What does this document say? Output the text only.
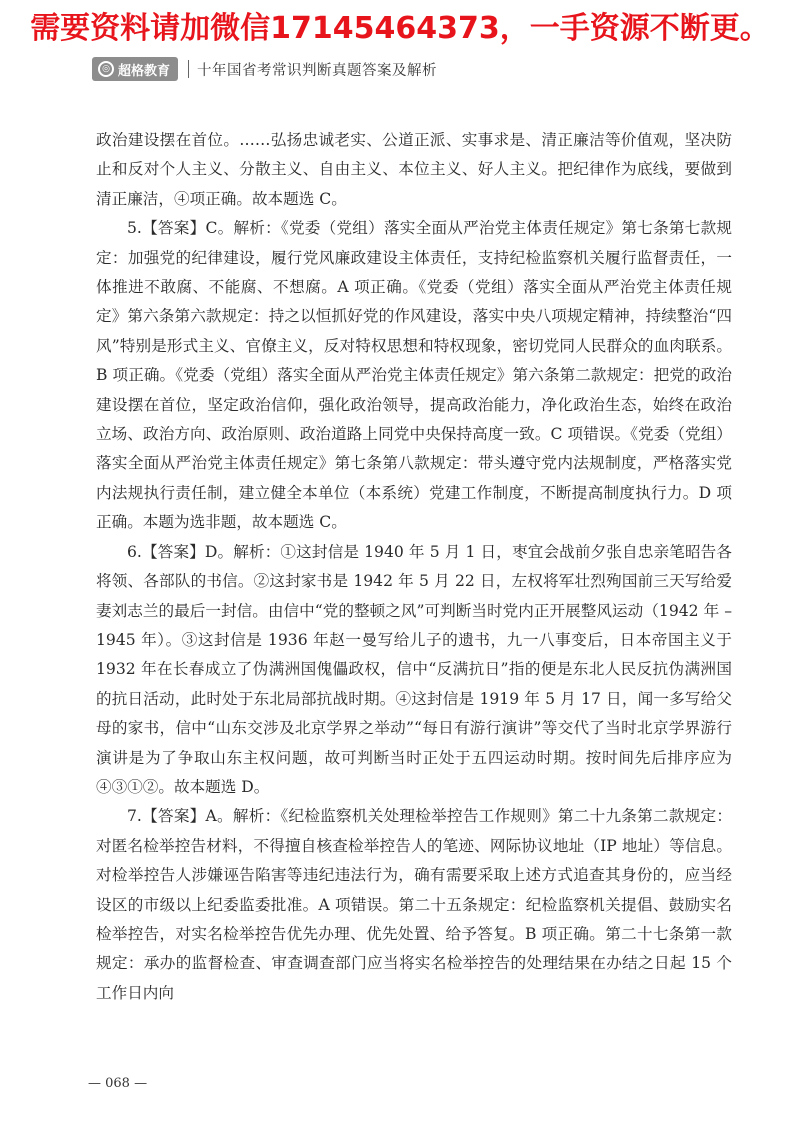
需要资料请加微信17145464373，一手资源不断更。
◎ 超格教育 十年国省考常识判断真题答案及解析

政治建设摆在首位。……弘扬忠诚老实、公道正派、实事求是、清正廉洁等价值观，坚决防止和反对个人主义、分散主义、自由主义、本位主义、好人主义。把纪律作为底线，要做到清正廉洁，④项正确。故本题选 C。

5.【答案】C。解析：《党委（党组）落实全面从严治党主体责任规定》第七条第七款规定：加强党的纪律建设，履行党风廉政建设主体责任，支持纪检监察机关履行监督责任，一体推进不敢腐、不能腐、不想腐。A 项正确。《党委（党组）落实全面从严治党主体责任规定》第六条第六款规定：持之以恒抓好党的作风建设，落实中央八项规定精神，持续整治“四风”特别是形式主义、官僚主义，反对特权思想和特权现象，密切党同人民群众的血肉联系。B 项正确。《党委（党组）落实全面从严治党主体责任规定》第六条第二款规定：把党的政治建设摆在首位，坚定政治信仰，强化政治领导，提高政治能力，净化政治生态，始终在政治立场、政治方向、政治原则、政治道路上同党中央保持高度一致。C 项错误。《党委（党组）落实全面从严治党主体责任规定》第七条第八款规定：带头遵守党内法规制度，严格落实党内法规执行责任制，建立健全本单位（本系统）党建工作制度，不断提高制度执行力。D 项正确。本题为选非题，故本题选 C。

6.【答案】D。解析：①这封信是 1940 年 5 月 1 日，枣宜会战前夕张自忠亲笔昭告各将领、各部队的书信。②这封家书是 1942 年 5 月 22 日，左权将军壮烈殉国前三天写给爱妻刘志兰的最后一封信。由信中“党的整顿之风”可判断当时党内正开展整风运动（1942 年 –1945 年）。③这封信是 1936 年赵一曼写给儿子的遗书，九一八事变后，日本帝国主义于 1932 年在长春成立了伪满洲国傀儡政权，信中“反满抗日”指的便是东北人民反抗伪满洲国的抗日活动，此时处于东北局部抗战时期。④这封信是 1919 年 5 月 17 日，闻一多写给父母的家书，信中“山东交涉及北京学界之举动”“每日有游行演讲”等交代了当时北京学界游行演讲是为了争取山东主权问题，故可判断当时正处于五四运动时期。按时间先后排序应为④③①②。故本题选 D。

7.【答案】A。解析：《纪检监察机关处理检举控告工作规则》第二十九条第二款规定：对匿名检举控告材料，不得擅自核查检举控告人的笔迹、网际协议地址（IP 地址）等信息。对检举控告人涉嫌诬告陷害等违纪违法行为，确有需要采取上述方式追查其身份的，应当经设区的市级以上纪委监委批准。A 项错误。第二十五条规定：纪检监察机关提倡、鼓励实名检举控告，对实名检举控告优先办理、优先处置、给予答复。B 项正确。第二十七条第一款规定：承办的监督检查、审查调查部门应当将实名检举控告的处理结果在办结之日起 15 个工作日内向

— 068 —
